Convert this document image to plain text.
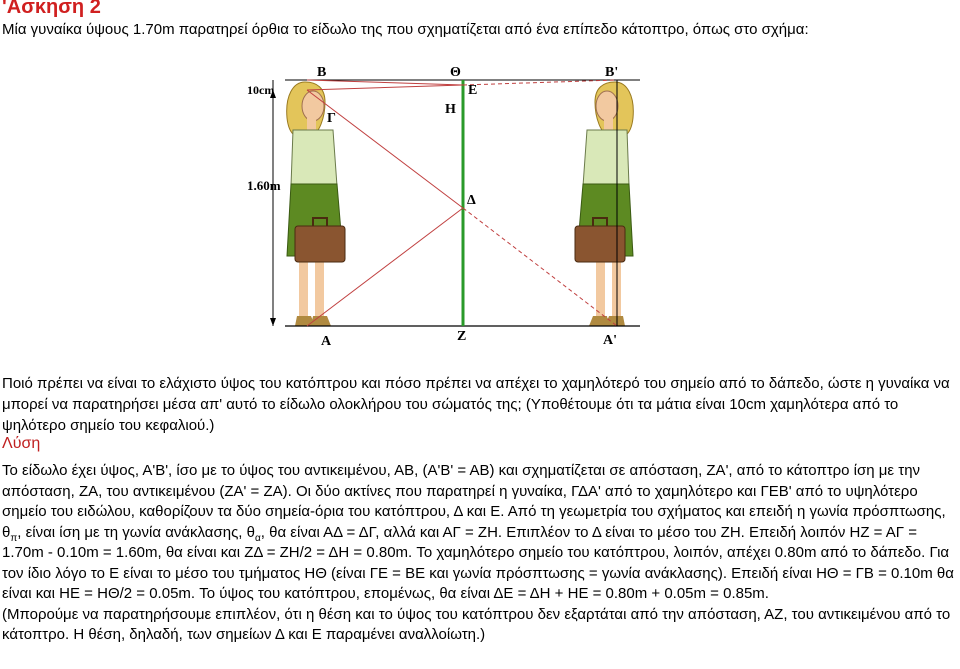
'Ασκηση 2
Μία γυναίκα ύψους 1.70m παρατηρεί όρθια το είδωλο της που σχηματίζεται από ένα επίπεδο κάτοπτρο, όπως στο σχήμα:
B	Θ	B'
E
H
Γ
Δ
A	Z	A'
10cm
1.60m
Ποιό πρέπει να είναι το ελάχιστο ύψος του κατόπτρου και πόσο πρέπει να απέχει το χαμηλότερό του σημείο από το δάπεδο, ώστε η γυναίκα να μπορεί να παρατηρήσει μέσα απ' αυτό το είδωλο ολοκλήρου του σώματός της; (Υποθέτουμε ότι τα μάτια είναι 10cm χαμηλότερα από το ψηλότερο σημείο του κεφαλιού.)
Λύση
Το είδωλο έχει ύψος, Α'Β', ίσο με το ύψος του αντικειμένου, ΑΒ, (Α'Β' = ΑΒ) και σχηματίζεται σε απόσταση, ΖΑ', από το κάτοπτρο ίση με την απόσταση, ΖΑ, του αντικειμένου (ΖΑ' = ΖΑ). Οι δύο ακτίνες που παρατηρεί η γυναίκα, ΓΔΑ' από το χαμηλότερο και ΓΕΒ' από το υψηλότερο σημείο του ειδώλου, καθορίζουν τα δύο σημεία-όρια του κατόπτρου, Δ και Ε. Από τη γεωμετρία του σχήματος και επειδή η γωνία πρόσπτωσης, $\theta_\pi$, είναι ίση με τη γωνία ανάκλασης, $\theta_\alpha$, θα είναι ΑΔ = ΔΓ, αλλά και ΑΓ = ΖΗ. Επιπλέον το Δ είναι το μέσο του ΖΗ. Επειδή λοιπόν ΗΖ = ΑΓ = 1.70m - 0.10m = 1.60m, θα είναι και ΖΔ = ΖΗ/2 = ΔΗ = 0.80m. Το χαμηλότερο σημείο του κατόπτρου, λοιπόν, απέχει 0.80m από το δάπεδο. Για τον ίδιο λόγο το Ε είναι το μέσο του τμήματος ΗΘ (είναι ΓΕ = ΒΕ και γωνία πρόσπτωσης = γωνία ανάκλασης). Επειδή είναι ΗΘ = ΓΒ = 0.10m θα είναι και ΗΕ = ΗΘ/2 = 0.05m. Το ύψος του κατόπτρου, επομένως, θα είναι ΔΕ = ΔΗ + ΗΕ = 0.80m + 0.05m = 0.85m.
(Μπορούμε να παρατηρήσουμε επιπλέον, ότι η θέση και το ύψος του κατόπτρου δεν εξαρτάται από την απόσταση, ΑΖ, του αντικειμένου από το κάτοπτρο. Η θέση, δηλαδή, των σημείων Δ και Ε παραμένει αναλλοίωτη.)
